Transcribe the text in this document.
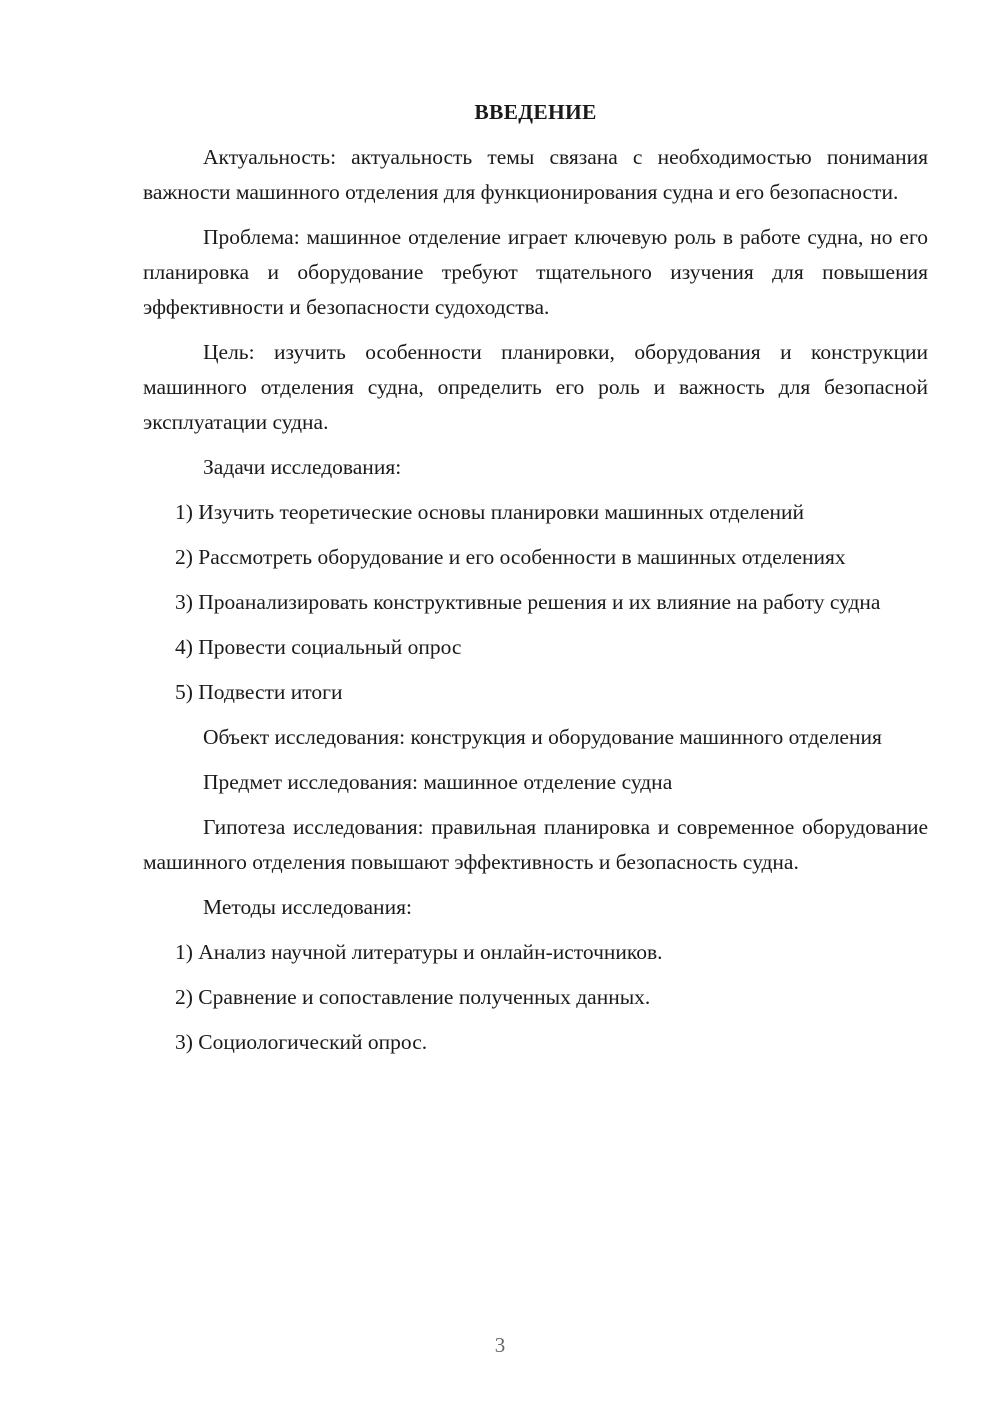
ВВЕДЕНИЕ

Актуальность: актуальность темы связана с необходимостью понимания важности машинного отделения для функционирования судна и его безопасности.

Проблема: машинное отделение играет ключевую роль в работе судна, но его планировка и оборудование требуют тщательного изучения для повышения эффективности и безопасности судоходства.

Цель: изучить особенности планировки, оборудования и конструкции машинного отделения судна, определить его роль и важность для безопасной эксплуатации судна.

Задачи исследования:

1) Изучить теоретические основы планировки машинных отделений

2) Рассмотреть оборудование и его особенности в машинных отделениях

3) Проанализировать конструктивные решения и их влияние на работу судна

4) Провести социальный опрос

5) Подвести итоги

Объект исследования: конструкция и оборудование машинного отделения

Предмет исследования: машинное отделение судна

Гипотеза исследования: правильная планировка и современное оборудование машинного отделения повышают эффективность и безопасность судна.

Методы исследования:

1) Анализ научной литературы и онлайн-источников.

2) Сравнение и сопоставление полученных данных.

3) Социологический опрос.

3
